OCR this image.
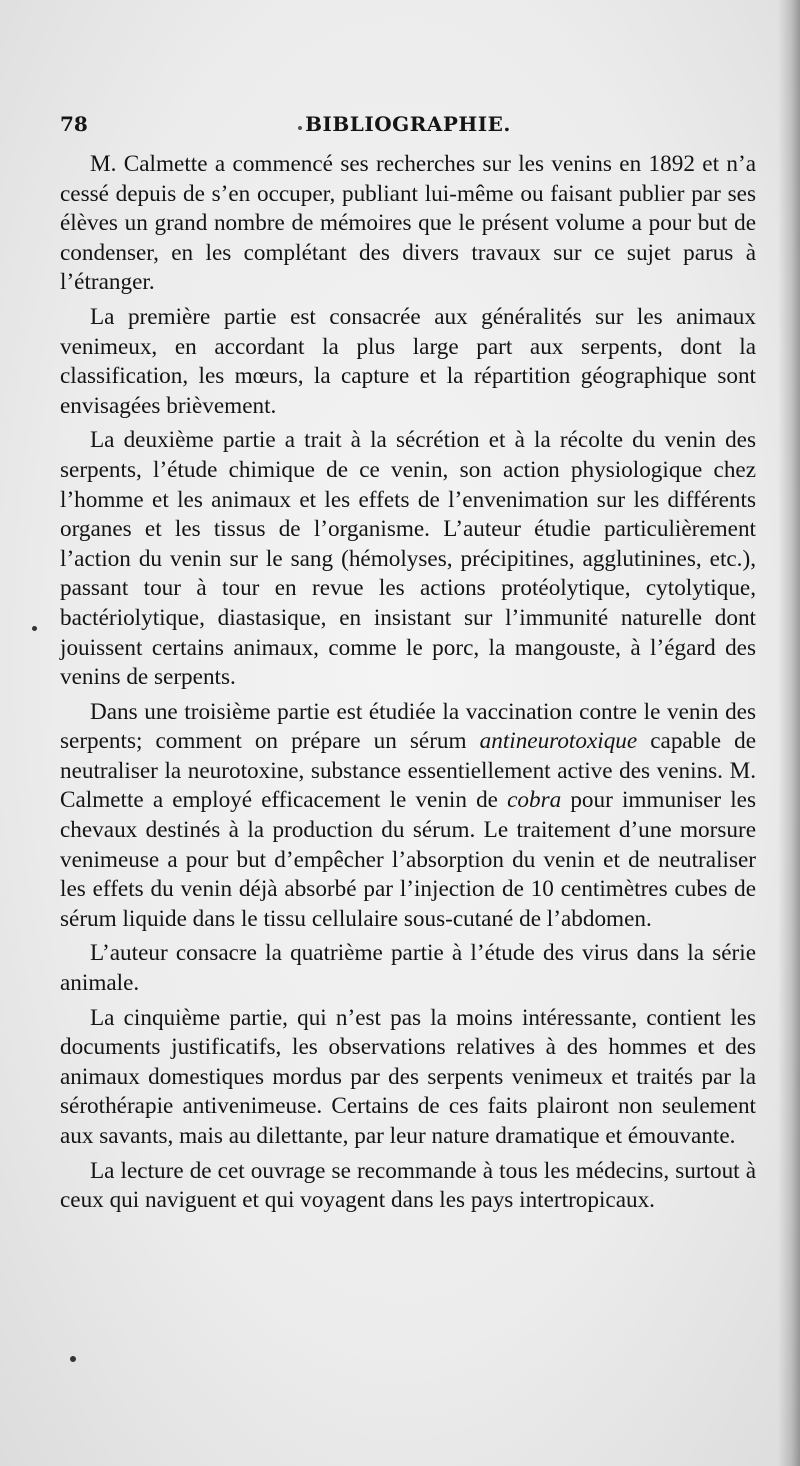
78	BIBLIOGRAPHIE.

M. Calmette a commencé ses recherches sur les venins en 1892 et n’a cessé depuis de s’en occuper, publiant lui-même ou faisant publier par ses élèves un grand nombre de mémoires que le présent volume a pour but de condenser, en les complétant des divers travaux sur ce sujet parus à l’étranger.

La première partie est consacrée aux généralités sur les animaux venimeux, en accordant la plus large part aux serpents, dont la classification, les mœurs, la capture et la répartition géographique sont envisagées brièvement.

La deuxième partie a trait à la sécrétion et à la récolte du venin des serpents, l’étude chimique de ce venin, son action physiologique chez l’homme et les animaux et les effets de l’envenimation sur les différents organes et les tissus de l’organisme. L’auteur étudie particulièrement l’action du venin sur le sang (hémolyses, précipitines, agglutinines, etc.), passant tour à tour en revue les actions protéolytique, cytolytique, bactériolytique, diastasique, en insistant sur l’immunité naturelle dont jouissent certains animaux, comme le porc, la mangouste, à l’égard des venins de serpents.

Dans une troisième partie est étudiée la vaccination contre le venin des serpents; comment on prépare un sérum antineurotoxique capable de neutraliser la neurotoxine, substance essentiellement active des venins. M. Calmette a employé efficacement le venin de cobra pour immuniser les chevaux destinés à la production du sérum. Le traitement d’une morsure venimeuse a pour but d’empêcher l’absorption du venin et de neutraliser les effets du venin déjà absorbé par l’injection de 10 centimètres cubes de sérum liquide dans le tissu cellulaire sous-cutané de l’abdomen.

L’auteur consacre la quatrième partie à l’étude des virus dans la série animale.

La cinquième partie, qui n’est pas la moins intéressante, contient les documents justificatifs, les observations relatives à des hommes et des animaux domestiques mordus par des serpents venimeux et traités par la sérothérapie antivenimeuse. Certains de ces faits plairont non seulement aux savants, mais au dilettante, par leur nature dramatique et émouvante.

La lecture de cet ouvrage se recommande à tous les médecins, surtout à ceux qui naviguent et qui voyagent dans les pays intertropicaux.
